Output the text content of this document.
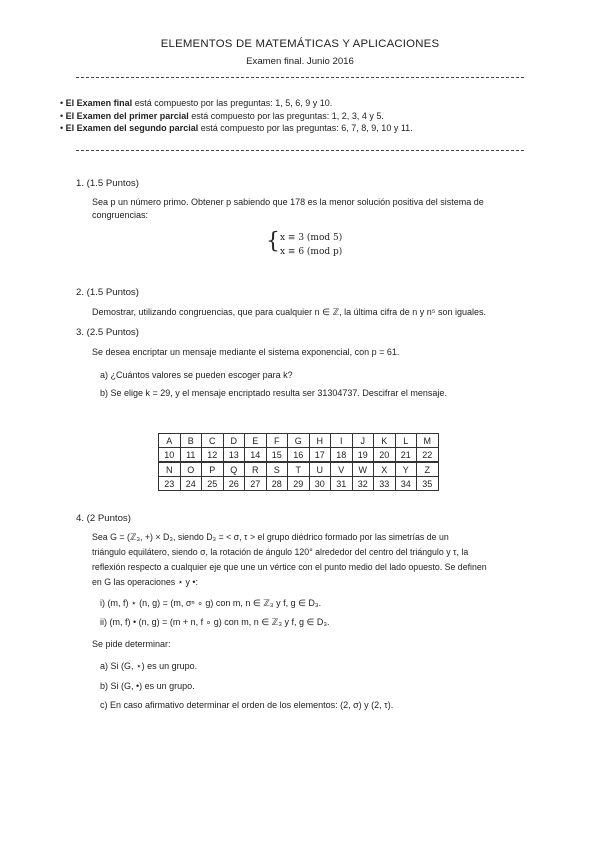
ELEMENTOS DE MATEMÁTICAS Y APLICACIONES
Examen final. Junio 2016
• El Examen final está compuesto por las preguntas: 1, 5, 6, 9 y 10.
• El Examen del primer parcial está compuesto por las preguntas: 1, 2, 3, 4 y 5.
• El Examen del segundo parcial está compuesto por las preguntas: 6, 7, 8, 9, 10 y 11.
1. (1.5 Puntos)
Sea p un número primo. Obtener p sabiendo que 178 es la menor solución positiva del sistema de
congruencias:
{ x ≡ 3 (mod 5)
x ≡ 6 (mod p)
2. (1.5 Puntos)
Demostrar, utilizando congruencias, que para cualquier n ∈ ℤ, la última cifra de n y n⁵ son iguales.
3. (2.5 Puntos)
Se desea encriptar un mensaje mediante el sistema exponencial, con p = 61.
a) ¿Cuántos valores se pueden escoger para k?
b) Se elige k = 29, y el mensaje encriptado resulta ser 31304737. Descifrar el mensaje.
A	B	C	D	E	F	G	H	I	J	K	L	M
10	11	12	13	14	15	16	17	18	19	20	21	22
N	O	P	Q	R	S	T	U	V	W	X	Y	Z
23	24	25	26	27	28	29	30	31	32	33	34	35
4. (2 Puntos)
Sea G = (ℤ₃, +) × D₃, siendo D₃ = < σ, τ > el grupo diédrico formado por las simetrías de un
triángulo equilátero, siendo σ, la rotación de ángulo 120° alrededor del centro del triángulo y τ, la
reflexión respecto a cualquier eje que une un vértice con el punto medio del lado opuesto. Se definen
en G las operaciones ⋆ y •:
i) (m, f) ⋆ (n, g) = (m, σⁿ ∘ g) con m, n ∈ ℤ₃ y f, g ∈ D₃.
ii) (m, f) • (n, g) = (m + n, f ∘ g) con m, n ∈ ℤ₃ y f, g ∈ D₃.
Se pide determinar:
a) Si (G, ⋆) es un grupo.
b) Si (G, •) es un grupo.
c) En caso afirmativo determinar el orden de los elementos: (2, σ) y (2, τ).
